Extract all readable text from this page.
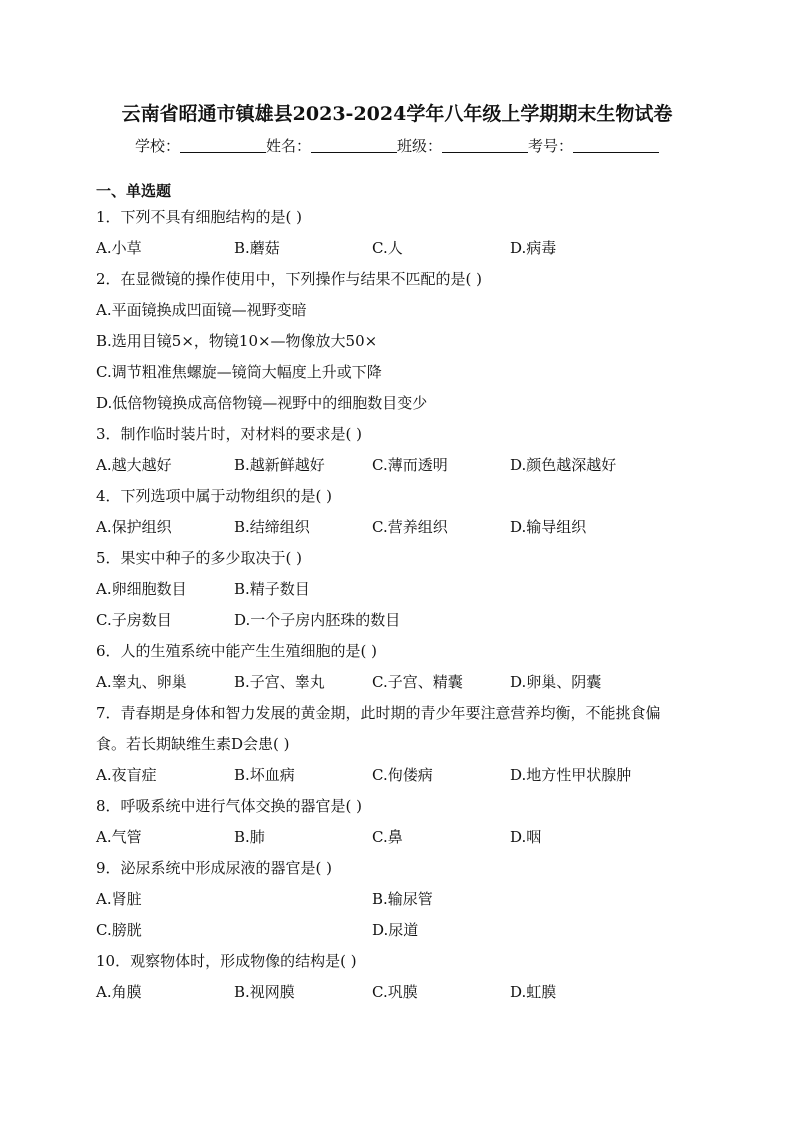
云南省昭通市镇雄县2023-2024学年八年级上学期期末生物试卷
学校：	姓名：	班级：	考号：
一、单选题
1．下列不具有细胞结构的是( )
A.小草	B.蘑菇	C.人	D.病毒
2．在显微镜的操作使用中，下列操作与结果不匹配的是( )
A.平面镜换成凹面镜—视野变暗
B.选用目镜5×，物镜10×—物像放大50×
C.调节粗准焦螺旋—镜筒大幅度上升或下降
D.低倍物镜换成高倍物镜—视野中的细胞数目变少
3．制作临时装片时，对材料的要求是( )
A.越大越好	B.越新鲜越好	C.薄而透明	D.颜色越深越好
4．下列选项中属于动物组织的是( )
A.保护组织	B.结缔组织	C.营养组织	D.输导组织
5．果实中种子的多少取决于( )
A.卵细胞数目	B.精子数目
C.子房数目	D.一个子房内胚珠的数目
6．人的生殖系统中能产生生殖细胞的是( )
A.睾丸、卵巢	B.子宫、睾丸	C.子宫、精囊	D.卵巢、阴囊
7．青春期是身体和智力发展的黄金期，此时期的青少年要注意营养均衡，不能挑食偏
食。若长期缺维生素D会患( )
A.夜盲症	B.坏血病	C.佝偻病	D.地方性甲状腺肿
8．呼吸系统中进行气体交换的器官是( )
A.气管	B.肺	C.鼻	D.咽
9．泌尿系统中形成尿液的器官是( )
A.肾脏	B.输尿管
C.膀胱	D.尿道
10．观察物体时，形成物像的结构是( )
A.角膜	B.视网膜	C.巩膜	D.虹膜
